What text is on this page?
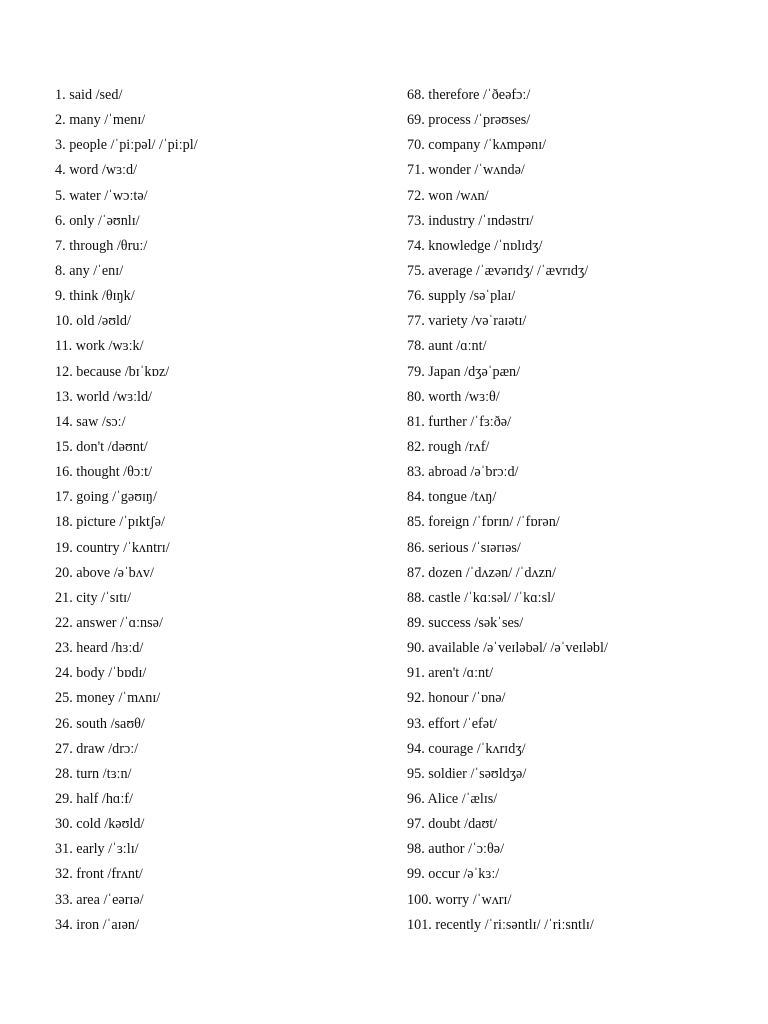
1. said /sed/
2. many /ˈmenɪ/
3. people /ˈpiːpəl/ /ˈpiːpl/
4. word /wɜːd/
5. water /ˈwɔːtə/
6. only /ˈəʊnlɪ/
7. through /θruː/
8. any /ˈenɪ/
9. think /θɪŋk/
10. old /əʊld/
11. work /wɜːk/
12. because /bɪˈkɒz/
13. world /wɜːld/
14. saw /sɔː/
15. don't /dəʊnt/
16. thought /θɔːt/
17. going /ˈgəʊɪŋ/
18. picture /ˈpɪktʃə/
19. country /ˈkʌntrɪ/
20. above /əˈbʌv/
21. city /ˈsɪtɪ/
22. answer /ˈɑːnsə/
23. heard /hɜːd/
24. body /ˈbɒdɪ/
25. money /ˈmʌnɪ/
26. south /saʊθ/
27. draw /drɔː/
28. turn /tɜːn/
29. half /hɑːf/
30. cold /kəʊld/
31. early /ˈɜːlɪ/
32. front /frʌnt/
33. area /ˈeərɪə/
34. iron /ˈaɪən/
68. therefore /ˈðeəfɔː/
69. process /ˈprəʊses/
70. company /ˈkʌmpənɪ/
71. wonder /ˈwʌndə/
72. won /wʌn/
73. industry /ˈɪndəstrɪ/
74. knowledge /ˈnɒlɪdʒ/
75. average /ˈævərɪdʒ/ /ˈævrɪdʒ/
76. supply /səˈplaɪ/
77. variety /vəˈraɪətɪ/
78. aunt /ɑːnt/
79. Japan /dʒəˈpæn/
80. worth /wɜːθ/
81. further /ˈfɜːðə/
82. rough /rʌf/
83. abroad /əˈbrɔːd/
84. tongue /tʌŋ/
85. foreign /ˈfɒrɪn/ /ˈfɒrən/
86. serious /ˈsɪərɪəs/
87. dozen /ˈdʌzən/ /ˈdʌzn/
88. castle /ˈkɑːsəl/ /ˈkɑːsl/
89. success /səkˈses/
90. available /əˈveɪləbəl/ /əˈveɪləbl/
91. aren't /ɑːnt/
92. honour /ˈɒnə/
93. effort /ˈefət/
94. courage /ˈkʌrɪdʒ/
95. soldier /ˈsəʊldʒə/
96. Alice /ˈælɪs/
97. doubt /daʊt/
98. author /ˈɔːθə/
99. occur /əˈkɜː/
100. worry /ˈwʌrɪ/
101. recently /ˈriːsəntlɪ/ /ˈriːsntlɪ/
